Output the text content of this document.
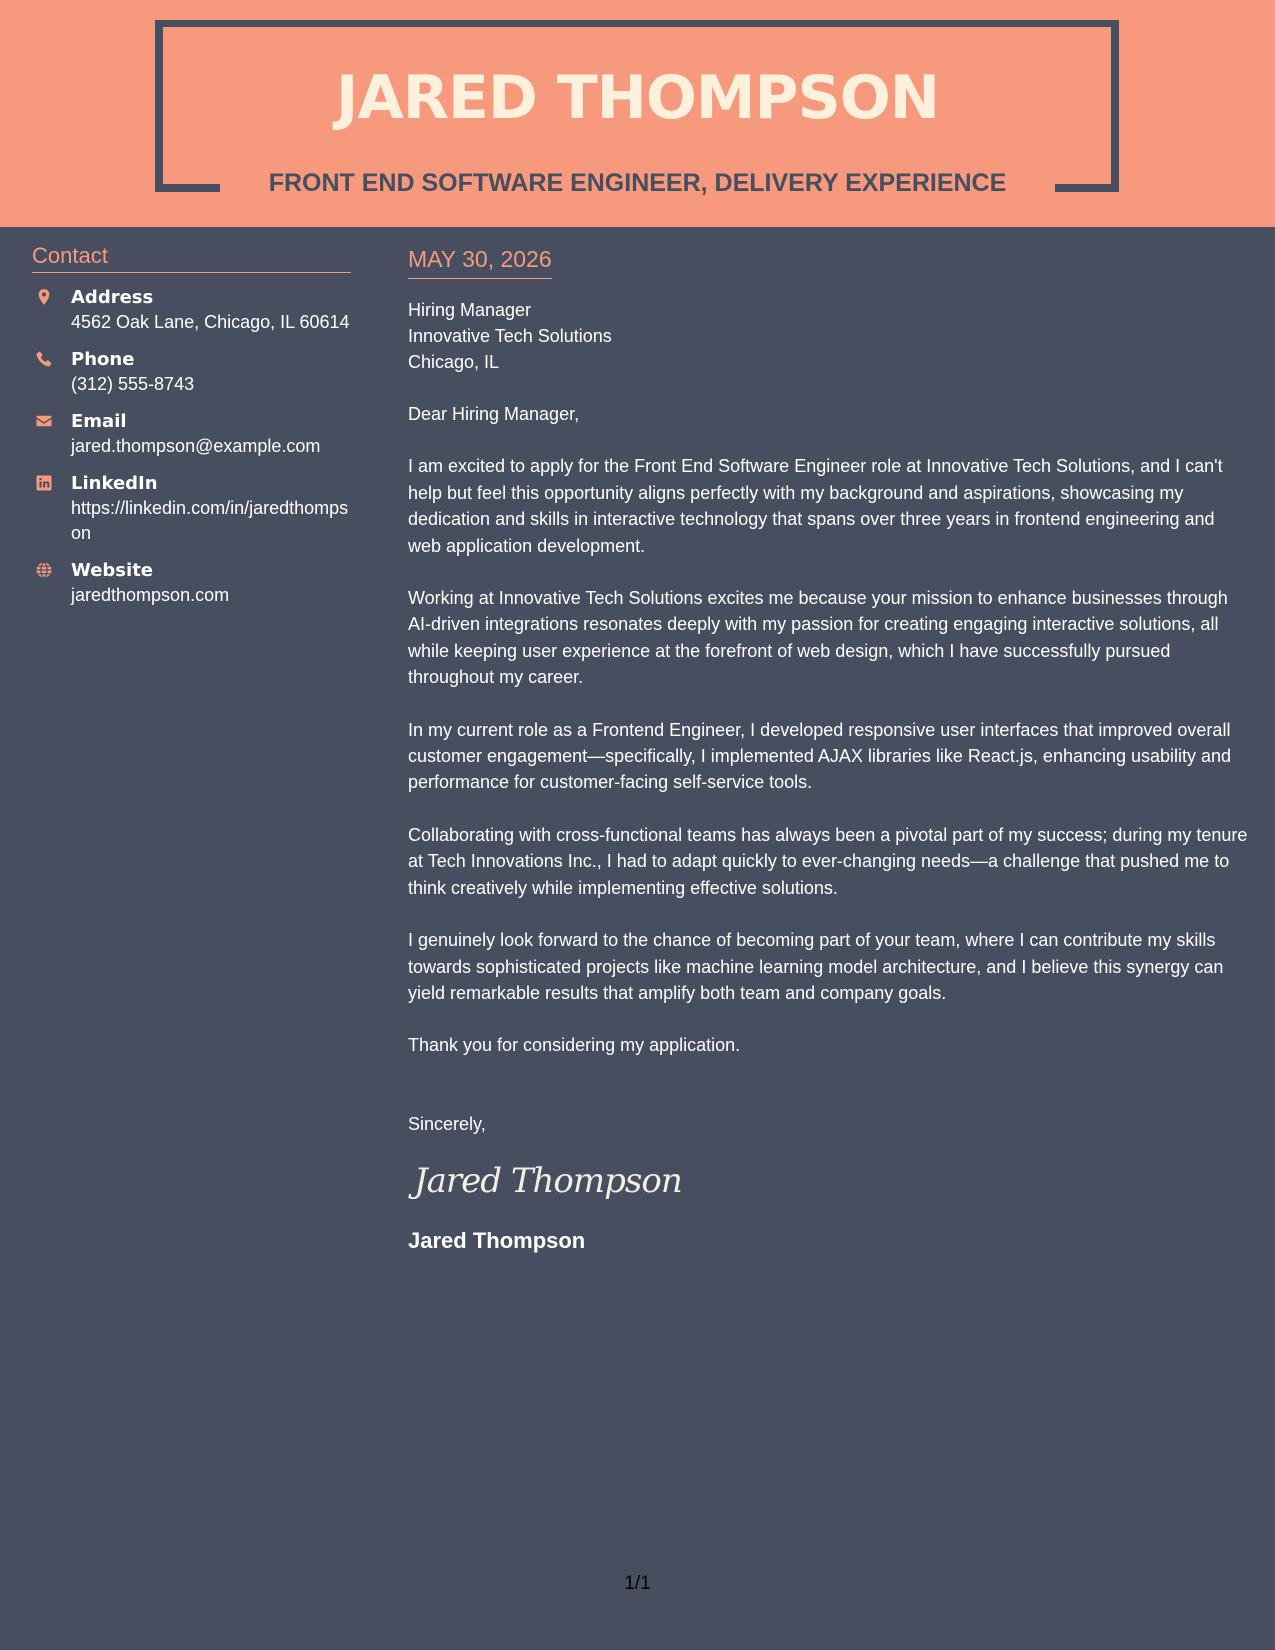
JARED THOMPSON
FRONT END SOFTWARE ENGINEER, DELIVERY EXPERIENCE
Contact
Address
4562 Oak Lane, Chicago, IL 60614
Phone
(312) 555-8743
Email
jared.thompson@example.com
LinkedIn
https://linkedin.com/in/jaredthompson
Website
jaredthompson.com
MAY 30, 2026
Hiring Manager
Innovative Tech Solutions
Chicago, IL

Dear Hiring Manager,

I am excited to apply for the Front End Software Engineer role at Innovative Tech Solutions, and I can't help but feel this opportunity aligns perfectly with my background and aspirations, showcasing my dedication and skills in interactive technology that spans over three years in frontend engineering and web application development.

Working at Innovative Tech Solutions excites me because your mission to enhance businesses through AI-driven integrations resonates deeply with my passion for creating engaging interactive solutions, all while keeping user experience at the forefront of web design, which I have successfully pursued throughout my career.

In my current role as a Frontend Engineer, I developed responsive user interfaces that improved overall customer engagement—specifically, I implemented AJAX libraries like React.js, enhancing usability and performance for customer-facing self-service tools.

Collaborating with cross-functional teams has always been a pivotal part of my success; during my tenure at Tech Innovations Inc., I had to adapt quickly to ever-changing needs—a challenge that pushed me to think creatively while implementing effective solutions.

I genuinely look forward to the chance of becoming part of your team, where I can contribute my skills towards sophisticated projects like machine learning model architecture, and I believe this synergy can yield remarkable results that amplify both team and company goals.

Thank you for considering my application.

Sincerely,
Jared Thompson
Jared Thompson
1/1
